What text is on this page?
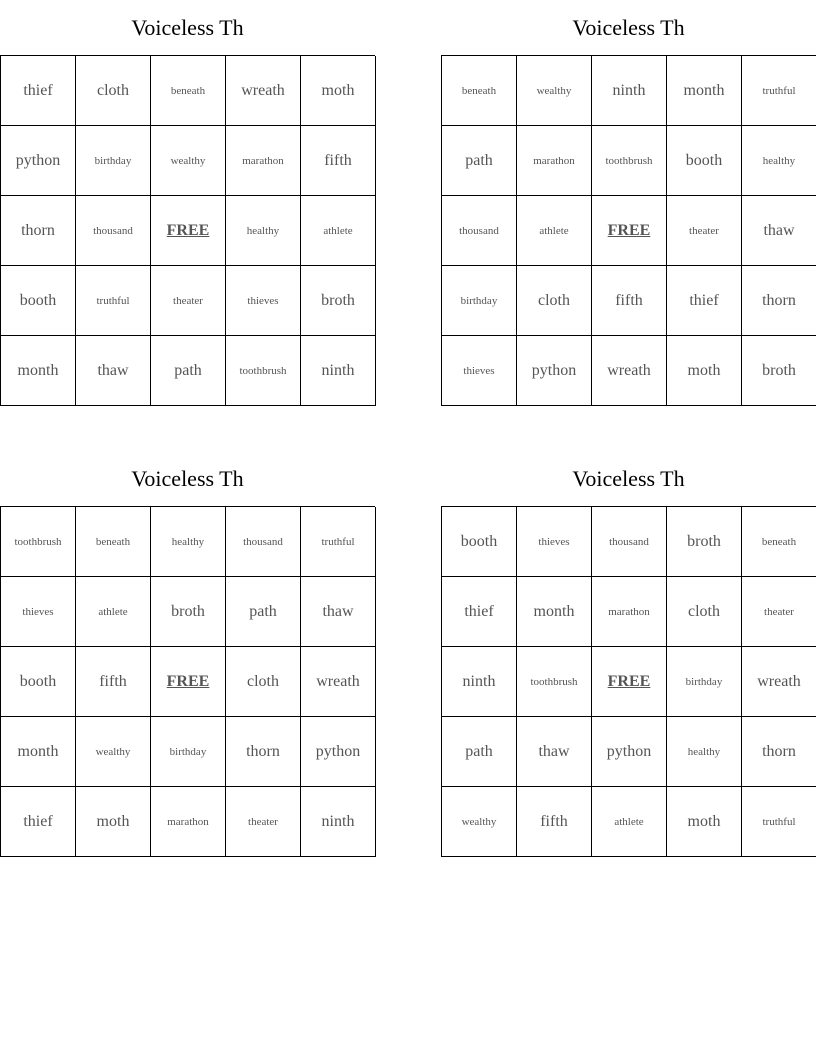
Voiceless Th
thief	cloth	beneath	wreath	moth
python	birthday	wealthy	marathon	fifth
thorn	thousand	FREE	healthy	athlete
booth	truthful	theater	thieves	broth
month	thaw	path	toothbrush	ninth
Voiceless Th
beneath	wealthy	ninth	month	truthful
path	marathon	toothbrush	booth	healthy
thousand	athlete	FREE	theater	thaw
birthday	cloth	fifth	thief	thorn
thieves	python	wreath	moth	broth
Voiceless Th
toothbrush	beneath	healthy	thousand	truthful
thieves	athlete	broth	path	thaw
booth	fifth	FREE	cloth	wreath
month	wealthy	birthday	thorn	python
thief	moth	marathon	theater	ninth
Voiceless Th
booth	thieves	thousand	broth	beneath
thief	month	marathon	cloth	theater
ninth	toothbrush	FREE	birthday	wreath
path	thaw	python	healthy	thorn
wealthy	fifth	athlete	moth	truthful
